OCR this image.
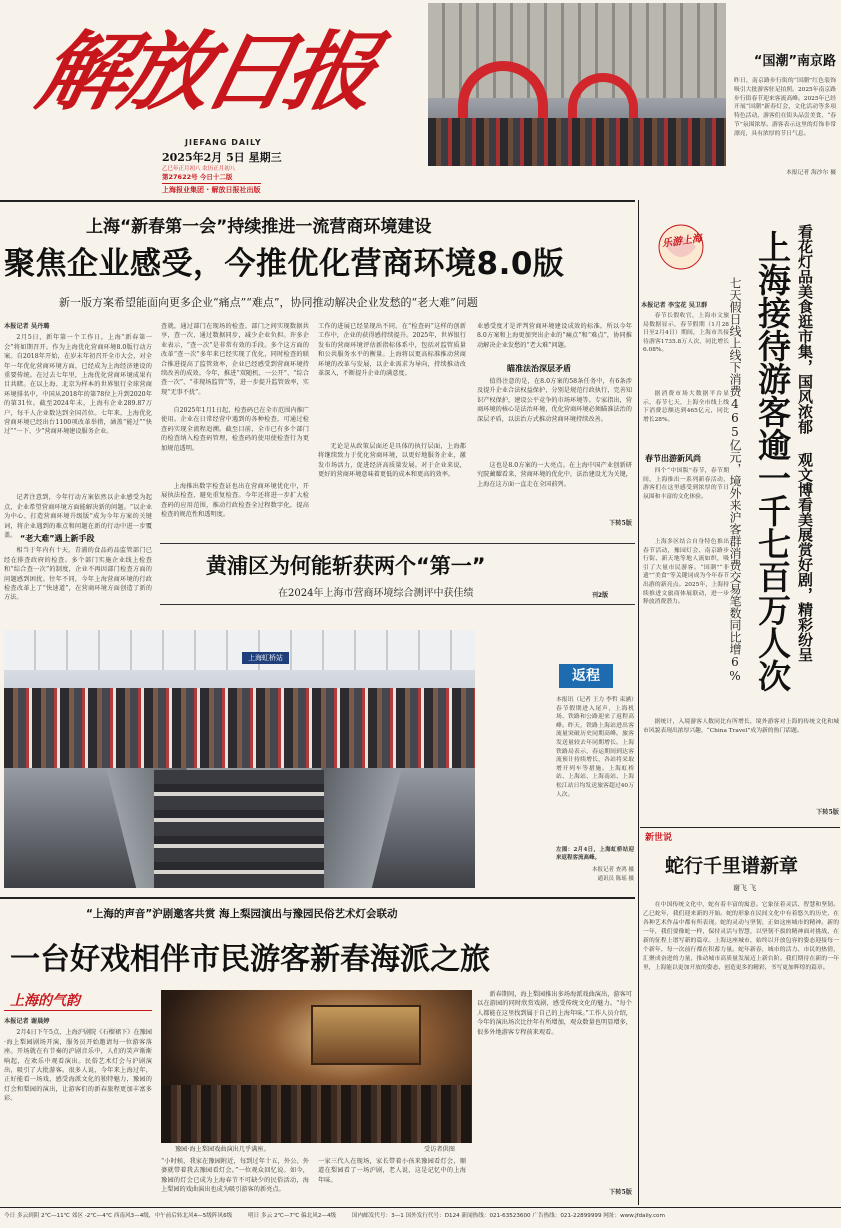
解放日报
JIEFANG DAILY
2025年2月 5日 星期三
乙巳年正月初八 农历正月初八
第27622号 今日十二版
上海报业集团 · 解放日报社出版
“国潮”南京路
昨日，南京路步行街的“国潮”红色装饰吸引大批游客驻足拍照。2025年南京路步行街春节迎来客流高峰。2025年已经开展“国潮”新春灯会，文化活动等多项特色活动，游客们在街头品尝美食，“春节”氛围浓厚。游客表示这里的灯饰非常漂亮，具有浓厚的节日气息。
本报记者 海沙尔 摄
上海“新春第一会”持续推进一流营商环境建设
聚焦企业感受，今推优化营商环境8.0版
新一版方案希望能面向更多企业“痛点”“难点”，协同推动解决企业发愁的“老大难”问题
本报记者 吴丹璐
2月5日，新年第一个工作日，上海“新春第一会”将如期召开。作为上海优化营商环境8.0版行动方案。自2018年开始，在岁末年初召开全市大会，对全年一年优化营商环境方面，已经成为上海经济建设的重要传统。在过去七年里，上海优化营商环境成果有目共睹。在以上海、北京为样本的世界银行全球营商环境排名中，中国从2018年的第78位上升到2020年的第31位。截至2024年末，上海有企业289.87万户，每千人企业数达到全国首位。七年来，上海优化营商环境已经出台1100项改革举措，涵盖“能过”“快过”“一下、少”营商环境建设服务企业。
记者注意到，今年行动方案依然以企业感受为起点，企业希望营商环境方面能解决新的问题。“以企业为中心、打造营商环境升级版”成为今年方案的关键词，将企业遇到的难点和问题在新的行动中进一步覆盖。 “老大难”遇上新手段
相当于年内有十天，青浦的食品药品监管部门已经在排查政府的检查。多个部门实施企业线上检查和“综合查一次”的制度，企业不再因部门检查方面的问题感到困扰。往年不同，今年上海营商环境的行政检查改革上了“快速道”，在营商环境方面创造了新的方法。
查就，通过部门在现场的检查。部门之间实现数据共享，查一次、通过数据同步，减少企业负担。许多企业表示，“查一次”是非常有效的手段。多个这方面的改革“查一次”多年来已经实现了优化，同时检查的联合推进提高了监管效率，企业已经感受到营商环境持续改善的成效。今年，推进“双随机、一公开”、“综合查一次”、“非现场监管”等，进一步提升监管效率，实现“无事不扰”。
自2025年1月1日起，检查码已在全市范围内推广使用。企业在日常经营中遇到的各种检查，可通过检查码实现全流程追溯。截至目前，全市已有多个部门的检查纳入检查码管理，检查码的使用使检查行为更加规范透明。
上海推出数字检查证也出在营商环境优化中，开展执法检查，避免重复检查。今年还将进一步扩大检查码的应用范围，推动行政检查全过程数字化，提高检查的规范性和透明度。
工作的进展已经显现出不同，在“检查码”这样的创新工作中，企业的获得感持续提升。2025年，世界银行发布的营商环境评估新指标体系中，包括对监管质量和公共服务水平的衡量。上海将以更高标准推动营商环境的改革与发展，以企业需求为导向，持续推动改革深入，不断提升企业的满意度。
无论是从政策层面还是具体的执行层面，上海都将继续致力于优化营商环境，以更好地服务企业，激发市场活力，促进经济高质量发展。对于企业来说，更好的营商环境意味着更低的成本和更高的效率。
业感受度才是评判营商环境建设成效的标准。所以今年8.0方案和上海更加突出企业的“痛点”和“难点”，协同推动解决企业发愁的“老大难”问题。
瞄准法治深层矛盾
值得注意的是，在8.0方案的58条任务中，有6条涉及提升企业合法权益保护，分别是规范行政执行，完善知识产权保护，建设公平竞争的市场环境等。专家指出，营商环境的核心是法治环境，优化营商环境必须瞄准法治的深层矛盾，以法治方式推动营商环境持续改善。
这也是8.0方案的一大亮点。在上海中国产业创新研究院蔺耀看来，营商环境的优化中，法治建设尤为关键，上海在这方面一直走在全国前列。
下转5版
黄浦区为何能斩获两个“第一”
在2024年上海市营商环境综合测评中获佳绩	刊2版
上海虹桥站
返程
本报讯（记者 王力 李哲 束涵）春节假期进入尾声，上海机场、铁路和公路迎来了返程高峰。昨天，铁路上海站进出客流量突破历史同期高峰。旅客发送量较去年同期增长。上海铁路局表示，春运期间到达客流预计持续增长，各站将采取增开列车等措施。上海虹桥站、上海站、上海南站、上海松江站日均发送旅客超过40万人次。
左图：2月4日，上海虹桥站迎来返程客流高峰。
本报记者 查鸿 摄
通讯员 陈瑶 摄
“上海的声音”沪剧邀客共赏 海上梨园演出与豫园民俗艺术灯会联动
一台好戏相伴市民游客新春海派之旅
上海的气韵
本报记者 谢晨婷
2月4日下午5点，上海沪剧院《石榴裙下》在豫园·海上梨园剧场开演，服务员开始邀请每一位游客落座。开场就在有节奏的沪剧音乐中，人们的笑声渐渐响起，在欢乐中观看演出。民俗艺术灯会与沪剧演出，吸引了大批游客。很多人说，今年来上海过年，正好能看一场戏，感受海派文化的独特魅力，豫园的灯会和梨园的演出，让游客们的新春旅程更加丰富多彩。
豫园·海上梨园戏曲演出几乎满座。	受访者供图
“小时候，我家在豫园附近，每到过年十五，外公、外婆就带着我去豫园看灯会。”一位观众回忆说。如今，豫园的灯会已成为上海春节不可缺少的民俗活动，海上梨园的戏曲演出也成为吸引游客的新亮点。
一家三代人在现场，家长带着小孩来豫园看灯会，顺道在梨园看了一场沪剧，老人说，这是记忆中的上海年味。
新春期间，海上梨园推出多场海派戏曲演出，游客可以在游园的同时欣赏戏剧，感受传统文化的魅力。“每个人都能在这里找到属于自己的上海年味。”工作人员介绍，今年的演出场次比往年有所增加，观众数量也明显增多，很多外地游客专程前来观看。
下转5版
乐游上海
本报记者 李宝花 吴卫群	上海接待游客逾一千七百万人次 看花灯品美食逛市集，国风浓郁 观文博看美展赏好剧，精彩纷呈
七天假日线上线下消费465亿元，境外来沪客群消费交易笔数同比增6%
春节长假收官，上海市文旅局数据显示，春节假期（1月28日至2月4日）期间，上海市共接待游客1735.8万人次，同比增长6.08%。
据消费市场大数据平台显示，春节七天，上海全市线上线下消费总额达到465亿元，同比增长28%。
春节出游新风尚
四个“中国版”春节，春节期间，上海推出一系列新春活动，游客们在这里感受到浓厚的节日氛围和丰富的文化体验。
上海多区结合自身特色推出春节活动，豫园灯会、南京路步行街、新天地等地人流如织，吸引了大量市民游客。“国潮”“非遗”“美食”等关键词成为今年春节出游的新亮点。2025年，上海持续推进文旅商体展联动，进一步释放消费潜力。
据统计，入境游客人数同比有所增长，境外游客对上海的传统文化和城市风貌表现出浓厚兴趣，“China Travel”成为新的热门话题。
下转5版
新世说
蛇行千里谱新章
谢飞 飞
在中国传统文化中，蛇有着丰富的寓意。它象征着灵活、智慧和坚韧。乙巳蛇年，我们迎来新的开始。蛇的形象在民间文化中有着悠久的历史，在各种艺术作品中都有所表现。蛇的灵动与坚韧，正如这座城市的精神。新的一年，我们要像蛇一样，保持灵活与智慧，以坚韧不拔的精神面对挑战，在新的征程上谱写新的篇章。上海这座城市，始终以开放包容的姿态迎接每一个新年，每一次前行都在积蓄力量。蛇年新春，城市的活力、市民的热情，汇聚成奋进的力量，推动城市高质量发展迈上新台阶。我们期待在新的一年里，上海能以更加开放的姿态，创造更多的精彩，书写更加辉煌的篇章。
今日 多云到阴 2℃—11℃ 郊区 -2℃—4℃ 西南风3—4级，中午前后转北风4—5级阵风6级	明日 多云 2℃—7℃ 偏北风2—4级	国内邮发代号：3—1 国外发行代号：D124 新闻热线：021-63523600 广告热线：021-22899999 网址：www.jfdaily.com
